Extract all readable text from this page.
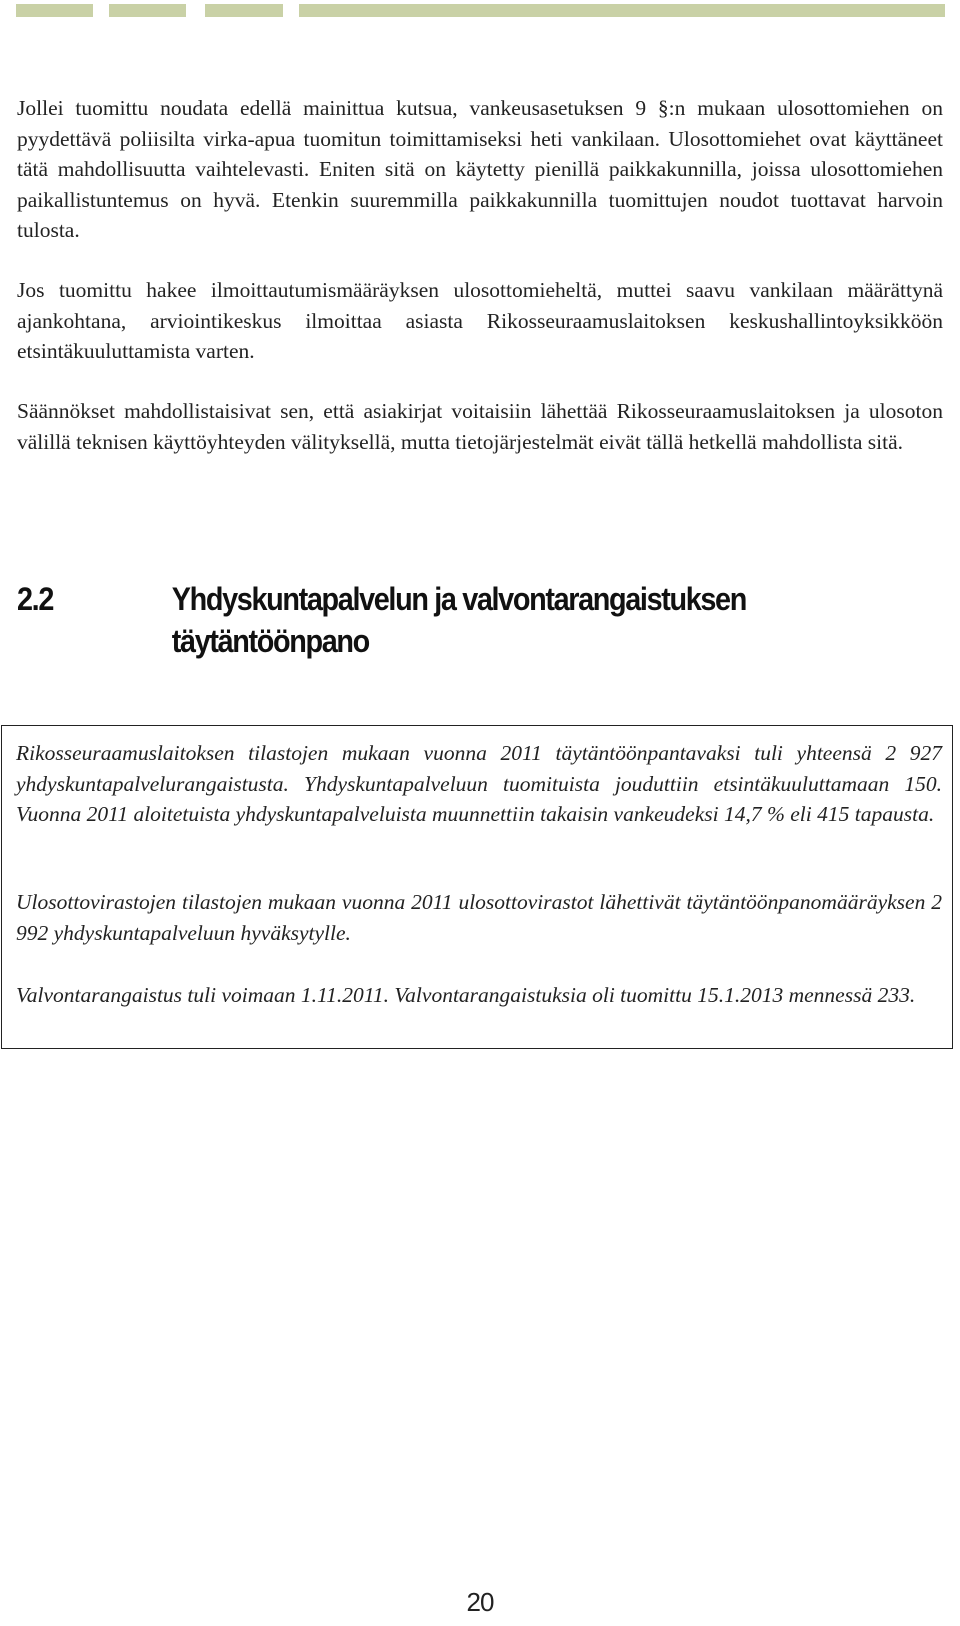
Jollei tuomittu noudata edellä mainittua kutsua, vankeusasetuksen 9 §:n mukaan ulosottomiehen on pyydettävä poliisilta virka-apua tuomitun toimittamiseksi heti vankilaan. Ulosottomiehet ovat käyttäneet tätä mahdollisuutta vaihtelevasti. Eniten sitä on käytetty pienillä paikkakunnilla, joissa ulosottomiehen paikallistuntemus on hyvä. Etenkin suuremmilla paikkakunnilla tuomittujen noudot tuottavat harvoin tulosta.

Jos tuomittu hakee ilmoittautumismääräyksen ulosottomieheltä, muttei saavu vankilaan määrättynä ajankohtana, arviointikeskus ilmoittaa asiasta Rikosseuraamuslaitoksen keskushallintoyksikköön etsintäkuuluttamista varten.

Säännökset mahdollistaisivat sen, että asiakirjat voitaisiin lähettää Rikosseuraamuslaitoksen ja ulosoton välillä teknisen käyttöyhteyden välityksellä, mutta tietojärjestelmät eivät tällä hetkellä mahdollista sitä.

2.2	Yhdyskuntapalvelun ja valvontarangaistuksen täytäntöönpano

Rikosseuraamuslaitoksen tilastojen mukaan vuonna 2011 täytäntöönpantavaksi tuli yhteensä 2 927 yhdyskuntapalvelurangaistusta. Yhdyskuntapalveluun tuomituista jouduttiin etsintäkuuluttamaan 150. Vuonna 2011 aloitetuista yhdyskuntapalveluista muunnettiin takaisin vankeudeksi 14,7 % eli 415 tapausta.

Ulosottovirastojen tilastojen mukaan vuonna 2011 ulosottovirastot lähettivät täytäntöönpanomääräyksen 2 992 yhdyskuntapalveluun hyväksytylle.

Valvontarangaistus tuli voimaan 1.11.2011. Valvontarangaistuksia oli tuomittu 15.1.2013 mennessä 233.

20
